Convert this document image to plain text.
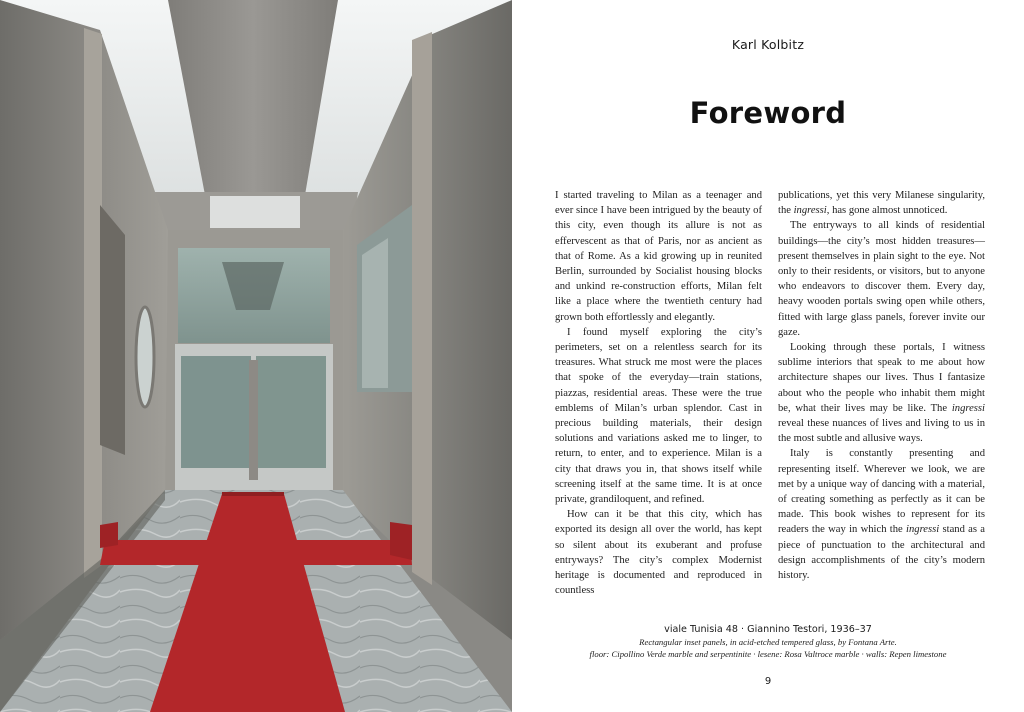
Karl Kolbitz
Foreword

I started traveling to Milan as a teenager and ever since I have been intrigued by the beauty of this city, even though its allure is not as effervescent as that of Paris, nor as ancient as that of Rome. As a kid growing up in reunited Berlin, surrounded by Socialist housing blocks and unkind re-construction efforts, Milan felt like a place where the twentieth century had grown both effortlessly and elegantly.

I found myself exploring the city’s perimeters, set on a relentless search for its treasures. What struck me most were the places that spoke of the everyday—train stations, piazzas, residential areas. These were the true emblems of Milan’s urban splendor. Cast in precious building materials, their design solutions and variations asked me to linger, to return, to enter, and to experience. Milan is a city that draws you in, that shows itself while screening itself at the same time. It is at once private, grandiloquent, and refined.

How can it be that this city, which has exported its design all over the world, has kept so silent about its exuberant and profuse entryways? The city’s complex Modernist heritage is documented and reproduced in countless

publications, yet this very Milanese singularity, the ingressi, has gone almost unnoticed.

The entryways to all kinds of residential buildings—the city’s most hidden treasures—present themselves in plain sight to the eye. Not only to their residents, or visitors, but to anyone who endeavors to discover them. Every day, heavy wooden portals swing open while others, fitted with large glass panels, forever invite our gaze.

Looking through these portals, I witness sublime interiors that speak to me about how architecture shapes our lives. Thus I fantasize about who the people who inhabit them might be, what their lives may be like. The ingressi reveal these nuances of lives and living to us in the most subtle and allusive ways.

Italy is constantly presenting and representing itself. Wherever we look, we are met by a unique way of dancing with a material, of creating something as perfectly as it can be made. This book wishes to represent for its readers the way in which the ingressi stand as a piece of punctuation to the architectural and design accomplishments of the city’s modern history.

viale Tunisia 48 · Giannino Testori, 1936–37
Rectangular inset panels, in acid-etched tempered glass, by Fontana Arte.
floor: Cipollino Verde marble and serpentinite · lesene: Rosa Valtroce marble · walls: Repen limestone
9
